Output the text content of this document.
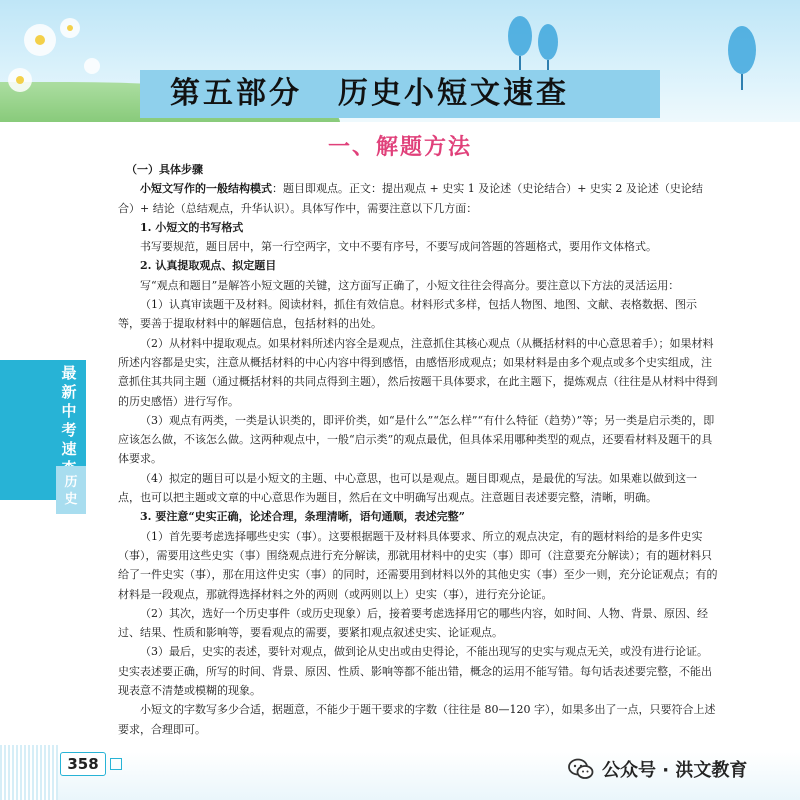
第五部分 历史小短文速查
一、解题方法
最新中考速
历史

（一）具体步骤

小短文写作的一般结构模式：题目即观点。正文：提出观点 + 史实 1 及论述（史论结合）+ 史实 2 及论述（史论结合）+ 结论（总结观点，升华认识）。具体写作中，需要注意以下几方面：

1. 小短文的书写格式

书写要规范，题目居中，第一行空两字，文中不要有序号，不要写成问答题的答题格式，要用作文体格式。

2. 认真提取观点、拟定题目

写“观点和题目”是解答小短文题的关键，这方面写正确了，小短文往往会得高分。要注意以下方法的灵活运用：

（1）认真审读题干及材料。阅读材料，抓住有效信息。材料形式多样，包括人物图、地图、文献、表格数据、图示等，要善于提取材料中的解题信息，包括材料的出处。

（2）从材料中提取观点。如果材料所述内容全是观点，注意抓住其核心观点（从概括材料的中心意思着手）；如果材料所述内容都是史实，注意从概括材料的中心内容中得到感悟，由感悟形成观点；如果材料是由多个观点或多个史实组成，注意抓住其共同主题（通过概括材料的共同点得到主题），然后按题干具体要求，在此主题下，提炼观点（往往是从材料中得到的历史感悟）进行写作。

（3）观点有两类，一类是认识类的，即评价类，如“是什么”“怎么样”“有什么特征（趋势）”等；另一类是启示类的，即应该怎么做，不该怎么做。这两种观点中，一般“启示类”的观点最优，但具体采用哪种类型的观点，还要看材料及题干的具体要求。

（4）拟定的题目可以是小短文的主题、中心意思，也可以是观点。题目即观点，是最优的写法。如果难以做到这一点，也可以把主题或文章的中心意思作为题目，然后在文中明确写出观点。注意题目表述要完整，清晰，明确。

3. 要注意“史实正确，论述合理，条理清晰，语句通顺，表述完整”

（1）首先要考虑选择哪些史实（事）。这要根据题干及材料具体要求、所立的观点决定，有的题材料给的是多件史实（事），需要用这些史实（事）围绕观点进行充分解读，那就用材料中的史实（事）即可（注意要充分解读）；有的题材料只给了一件史实（事），那在用这件史实（事）的同时，还需要用到材料以外的其他史实（事）至少一则，充分论证观点；有的材料是一段观点，那就得选择材料之外的两则（或两则以上）史实（事），进行充分论证。

（2）其次，选好一个历史事件（或历史现象）后，接着要考虑选择用它的哪些内容，如时间、人物、背景、原因、经过、结果、性质和影响等，要看观点的需要，要紧扣观点叙述史实、论证观点。

（3）最后，史实的表述，要针对观点，做到论从史出或由史得论，不能出现写的史实与观点无关，或没有进行论证。史实表述要正确，所写的时间、背景、原因、性质、影响等都不能出错，概念的运用不能写错。每句话表述要完整，不能出现表意不清楚或模糊的现象。

小短文的字数写多少合适，据题意，不能少于题干要求的字数（往往是 80—120 字），如果多出了一点，只要符合上述要求，合理即可。

358	公众号 · 洪文教育
